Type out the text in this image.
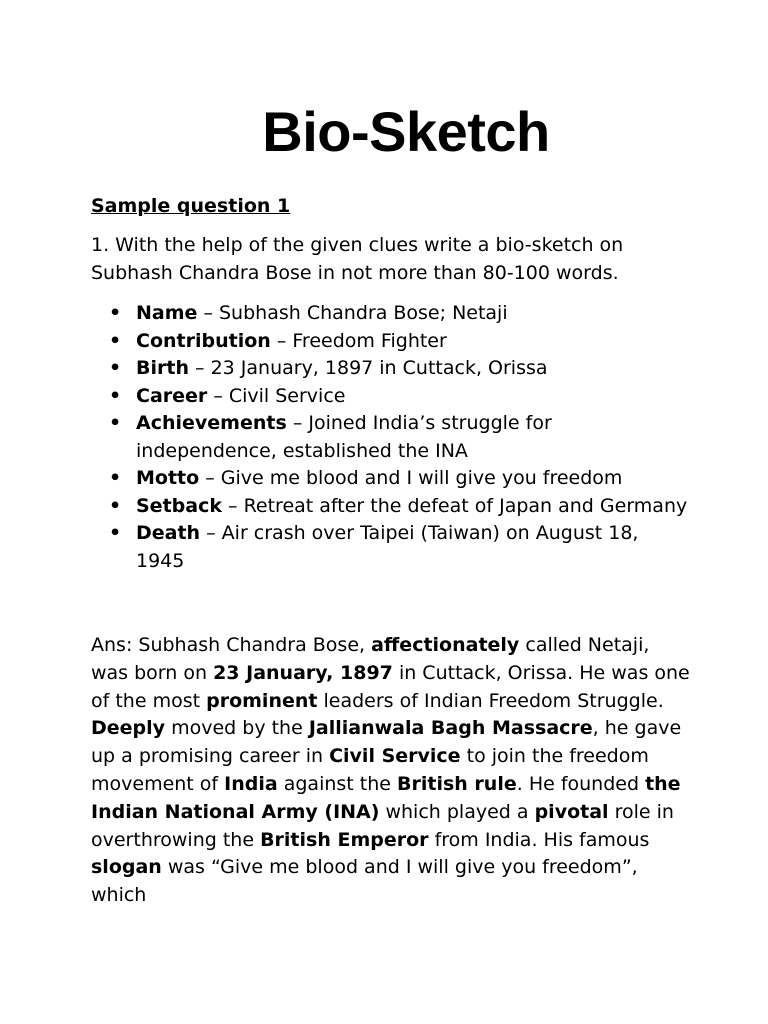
Bio-Sketch

Sample question 1

1. With the help of the given clues write a bio-sketch on Subhash Chandra Bose in not more than 80-100 words.

• Name – Subhash Chandra Bose; Netaji
• Contribution – Freedom Fighter
• Birth – 23 January, 1897 in Cuttack, Orissa
• Career – Civil Service
• Achievements – Joined India’s struggle for independence, established the INA
• Motto – Give me blood and I will give you freedom
• Setback – Retreat after the defeat of Japan and Germany
• Death – Air crash over Taipei (Taiwan) on August 18, 1945

Ans: Subhash Chandra Bose, affectionately called Netaji, was born on 23 January, 1897 in Cuttack, Orissa. He was one of the most prominent leaders of Indian Freedom Struggle. Deeply moved by the Jallianwala Bagh Massacre, he gave up a promising career in Civil Service to join the freedom movement of India against the British rule. He founded the Indian National Army (INA) which played a pivotal role in overthrowing the British Emperor from India. His famous slogan was “Give me blood and I will give you freedom”, which
